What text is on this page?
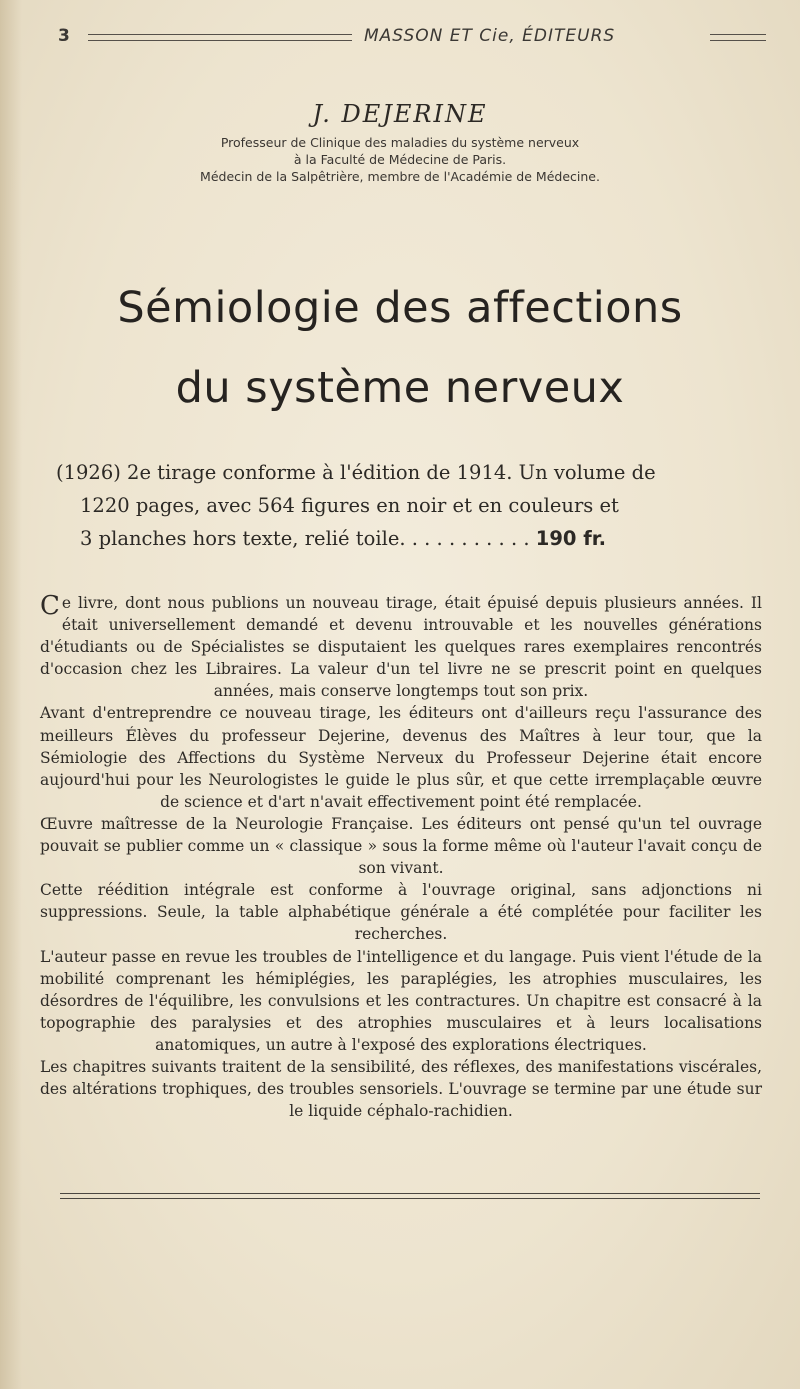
3	MASSON ET Cie, ÉDITEURS
J. DEJERINE
Professeur de Clinique des maladies du système nerveux
à la Faculté de Médecine de Paris.
Médecin de la Salpêtrière, membre de l'Académie de Médecine.
Sémiologie des affections
du système nerveux
(1926) 2e tirage conforme à l'édition de 1914. Un volume de
1220 pages, avec 564 figures en noir et en couleurs et
3 planches hors texte, relié toile. . . . . . . . . . . 190 fr.

Ce livre, dont nous publions un nouveau tirage, était épuisé depuis plusieurs années. Il était universellement demandé et devenu introuvable et les nouvelles générations d'étudiants ou de Spécialistes se disputaient les quelques rares exemplaires rencontrés d'occasion chez les Libraires. La valeur d'un tel livre ne se prescrit point en quelques années, mais conserve longtemps tout son prix.

Avant d'entreprendre ce nouveau tirage, les éditeurs ont d'ailleurs reçu l'assurance des meilleurs Élèves du professeur Dejerine, devenus des Maîtres à leur tour, que la Sémiologie des Affections du Système Nerveux du Professeur Dejerine était encore aujourd'hui pour les Neurologistes le guide le plus sûr, et que cette irremplaçable œuvre de science et d'art n'avait effectivement point été remplacée.

Œuvre maîtresse de la Neurologie Française. Les éditeurs ont pensé qu'un tel ouvrage pouvait se publier comme un « classique » sous la forme même où l'auteur l'avait conçu de son vivant.

Cette réédition intégrale est conforme à l'ouvrage original, sans adjonctions ni suppressions. Seule, la table alphabétique générale a été complétée pour faciliter les recherches.

L'auteur passe en revue les troubles de l'intelligence et du langage. Puis vient l'étude de la mobilité comprenant les hémiplégies, les paraplégies, les atrophies musculaires, les désordres de l'équilibre, les convulsions et les contractures. Un chapitre est consacré à la topographie des paralysies et des atrophies musculaires et à leurs localisations anatomiques, un autre à l'exposé des explorations électriques.

Les chapitres suivants traitent de la sensibilité, des réflexes, des manifestations viscérales, des altérations trophiques, des troubles sensoriels. L'ouvrage se termine par une étude sur le liquide céphalo-rachidien.
